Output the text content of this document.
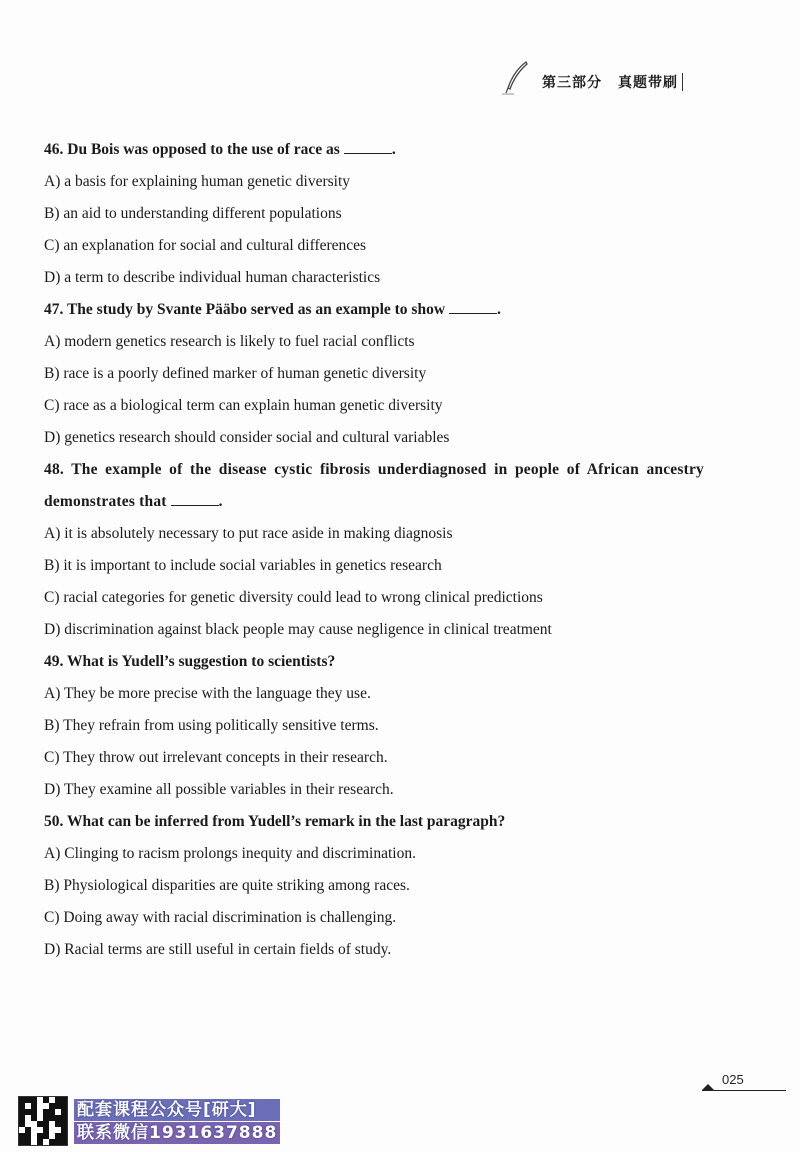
第三部分 真题带刷

46. Du Bois was opposed to the use of race as	.

A) a basis for explaining human genetic diversity

B) an aid to understanding different populations

C) an explanation for social and cultural differences

D) a term to describe individual human characteristics

47. The study by Svante Pääbo served as an example to show	.

A) modern genetics research is likely to fuel racial conflicts

B) race is a poorly defined marker of human genetic diversity

C) race as a biological term can explain human genetic diversity

D) genetics research should consider social and cultural variables

48. The example of the disease cystic fibrosis underdiagnosed in people of African ancestry demonstrates that	.

A) it is absolutely necessary to put race aside in making diagnosis

B) it is important to include social variables in genetics research

C) racial categories for genetic diversity could lead to wrong clinical predictions

D) discrimination against black people may cause negligence in clinical treatment

49. What is Yudell’s suggestion to scientists?

A) They be more precise with the language they use.

B) They refrain from using politically sensitive terms.

C) They throw out irrelevant concepts in their research.

D) They examine all possible variables in their research.

50. What can be inferred from Yudell’s remark in the last paragraph?

A) Clinging to racism prolongs inequity and discrimination.

B) Physiological disparities are quite striking among races.

C) Doing away with racial discrimination is challenging.

D) Racial terms are still useful in certain fields of study.

025
配套课程公众号[研大]
联系微信1931637888
